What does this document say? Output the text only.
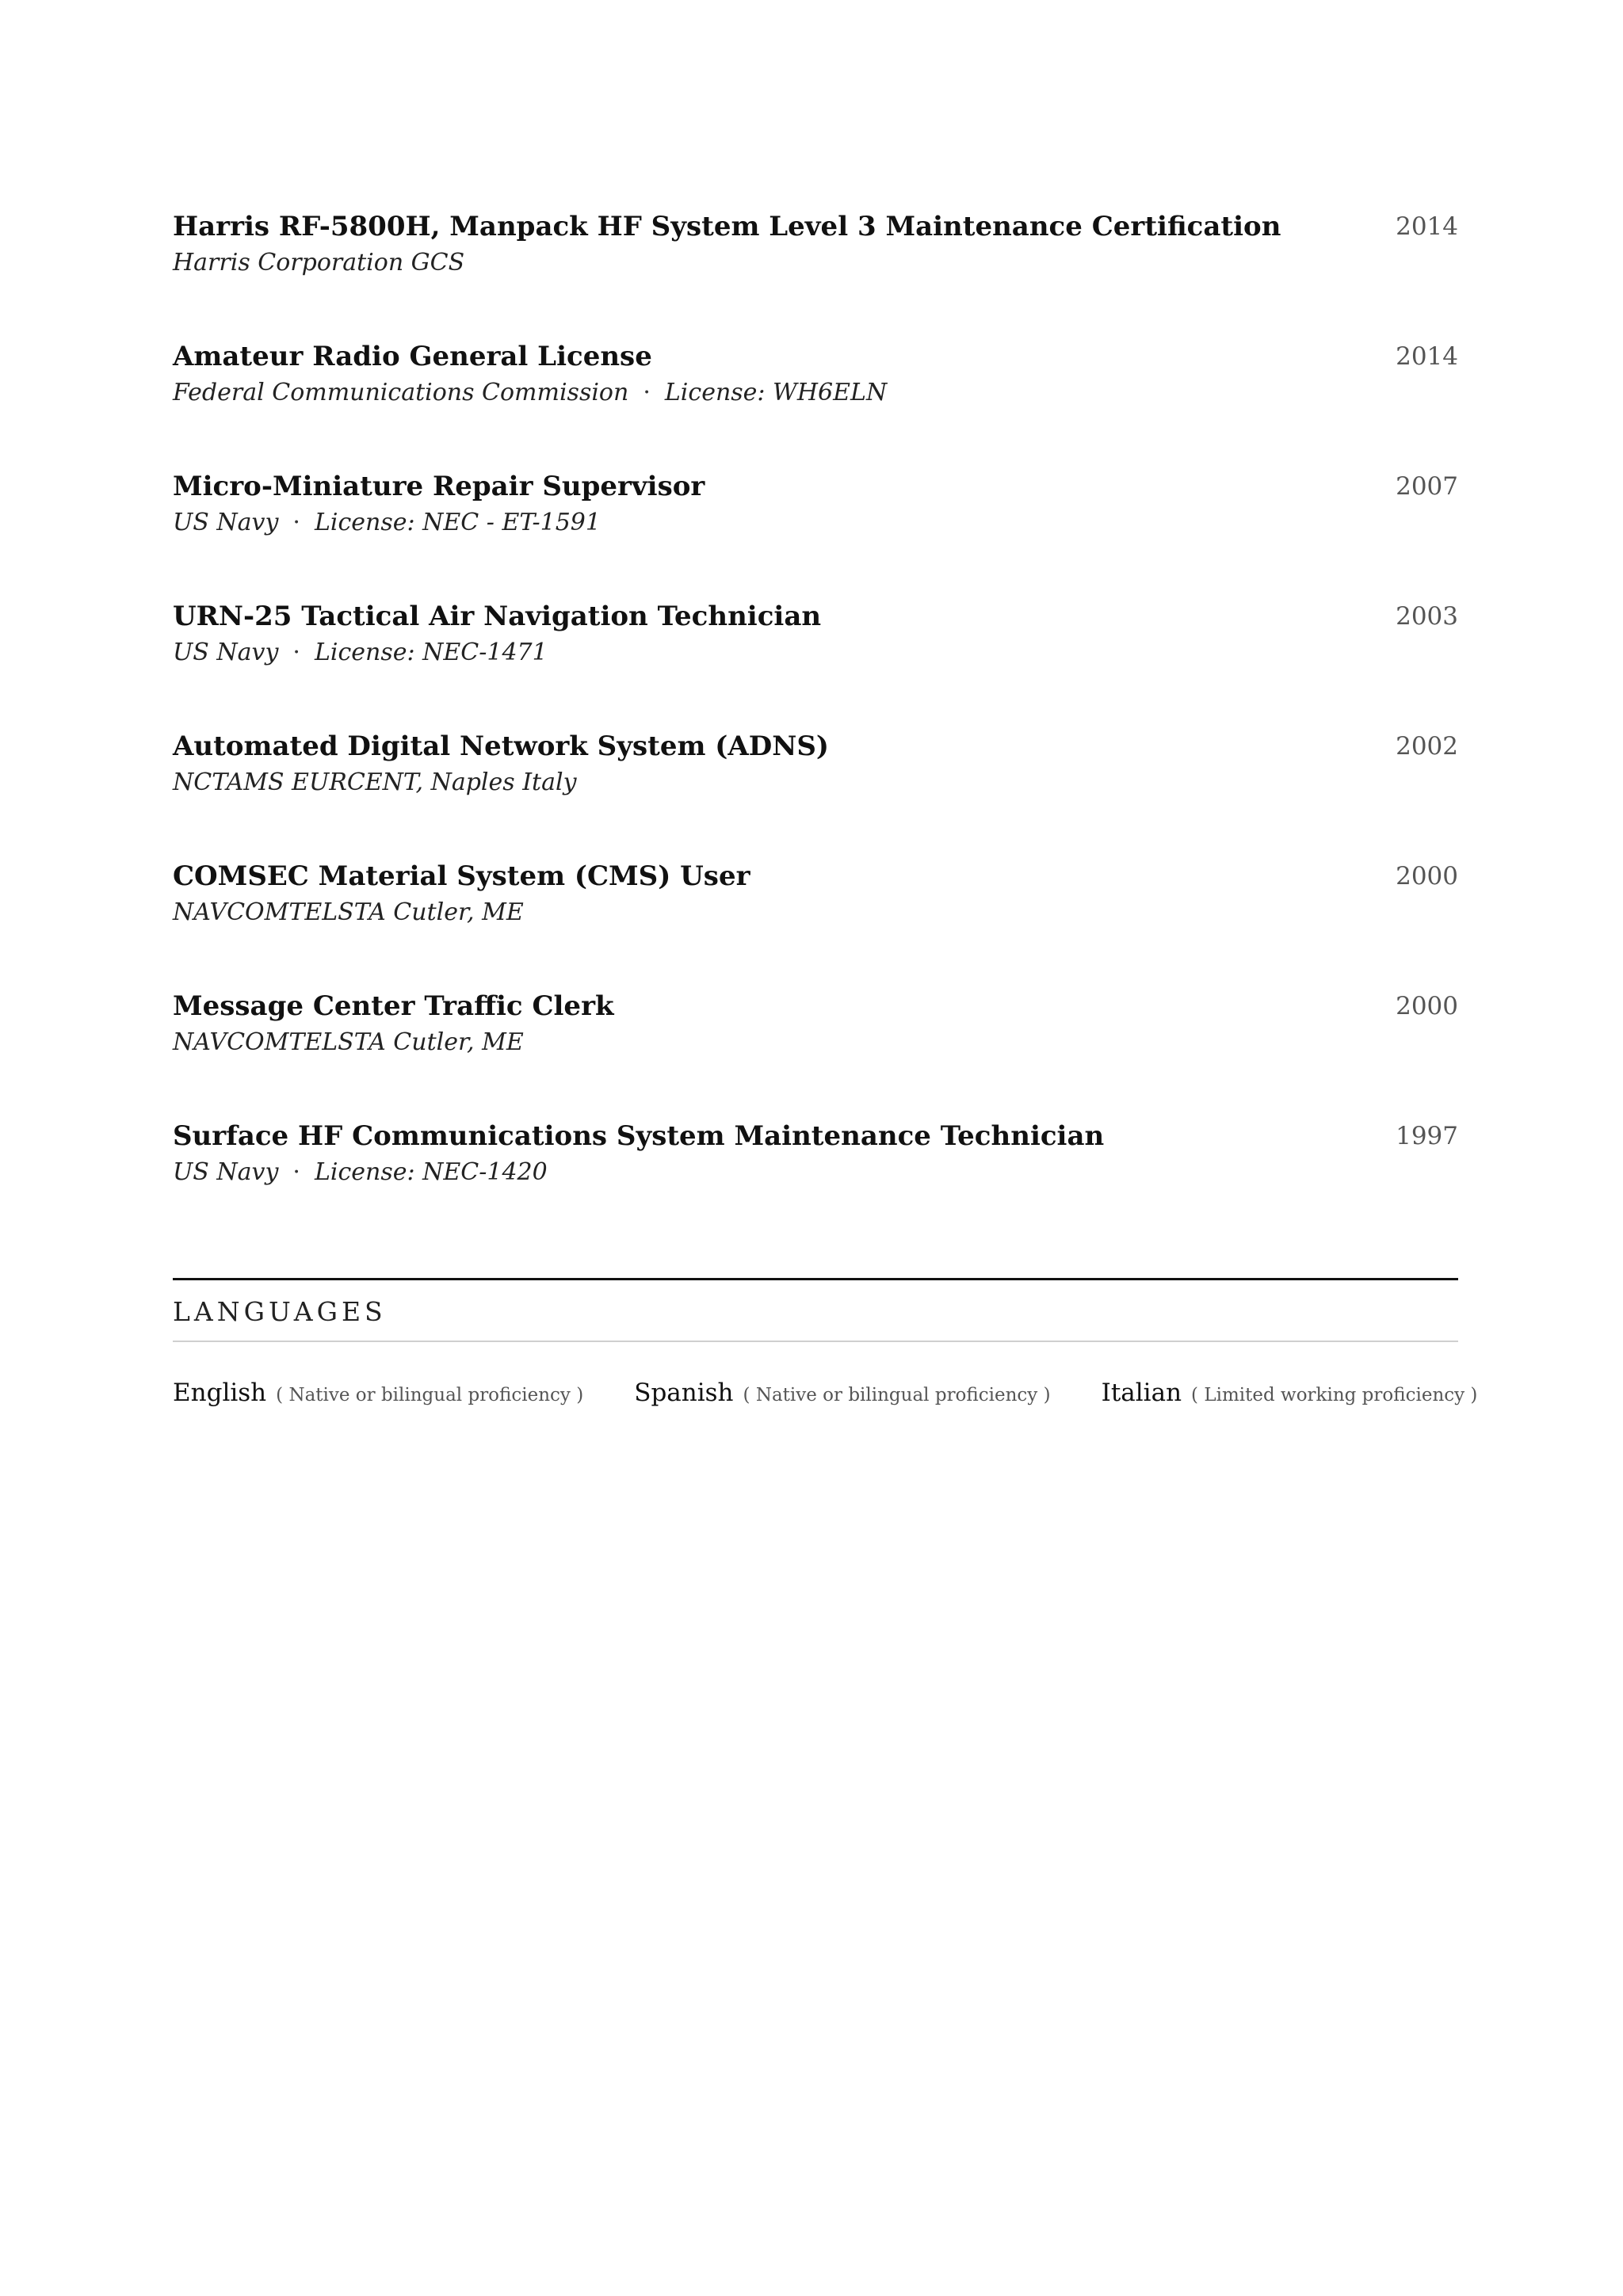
Harris RF-5800H, Manpack HF System Level 3 Maintenance Certification	2014
Harris Corporation GCS
Amateur Radio General License	2014
Federal Communications Commission · License: WH6ELN
Micro-Miniature Repair Supervisor	2007
US Navy · License: NEC - ET-1591
URN-25 Tactical Air Navigation Technician	2003
US Navy · License: NEC-1471
Automated Digital Network System (ADNS)	2002
NCTAMS EURCENT, Naples Italy
COMSEC Material System (CMS) User	2000
NAVCOMTELSTA Cutler, ME
Message Center Traffic Clerk	2000
NAVCOMTELSTA Cutler, ME
Surface HF Communications System Maintenance Technician	1997
US Navy · License: NEC-1420
LANGUAGES
English ( Native or bilingual proficiency ) Spanish ( Native or bilingual proficiency ) Italian ( Limited working proficiency )
